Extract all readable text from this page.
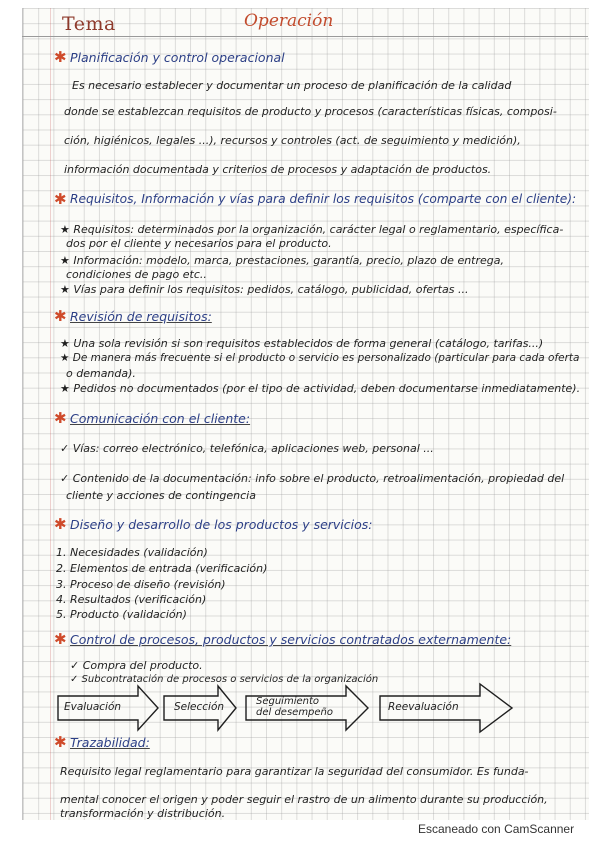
Tema	Operación
✱ Planificación y control operacional
Es necesario establecer y documentar un proceso de planificación de la calidad
donde se establezcan requisitos de producto y procesos (características físicas, composi-
ción, higiénicos, legales ...), recursos y controles (act. de seguimiento y medición),
información documentada y criterios de procesos y adaptación de productos.
✱ Requisitos, Información y vías para definir los requisitos (comparte con el cliente):
★ Requisitos: determinados por la organización, carácter legal o reglamentario, específica-
dos por el cliente y necesarios para el producto.
★ Información: modelo, marca, prestaciones, garantía, precio, plazo de entrega,
condiciones de pago etc..
★ Vías para definir los requisitos: pedidos, catálogo, publicidad, ofertas ...
✱ Revisión de requisitos:
★ Una sola revisión si son requisitos establecidos de forma general (catálogo, tarifas...)
★ De manera más frecuente si el producto o servicio es personalizado (particular para cada oferta
o demanda).
★ Pedidos no documentados (por el tipo de actividad, deben documentarse inmediatamente).
✱ Comunicación con el cliente:
✓ Vías: correo electrónico, telefónica, aplicaciones web, personal ...
✓ Contenido de la documentación: info sobre el producto, retroalimentación, propiedad del
cliente y acciones de contingencia
✱ Diseño y desarrollo de los productos y servicios:
1. Necesidades (validación)
2. Elementos de entrada (verificación)
3. Proceso de diseño (revisión)
4. Resultados (verificación)
5. Producto (validación)
✱ Control de procesos, productos y servicios contratados externamente:
✓ Compra del producto.
✓ Subcontratación de procesos o servicios de la organización
Evaluación	Selección	Seguimiento del desempeño	Reevaluación
✱ Trazabilidad:
Requisito legal reglamentario para garantizar la seguridad del consumidor. Es funda-
mental conocer el origen y poder seguir el rastro de un alimento durante su producción,
transformación y distribución.
Escaneado con CamScanner
